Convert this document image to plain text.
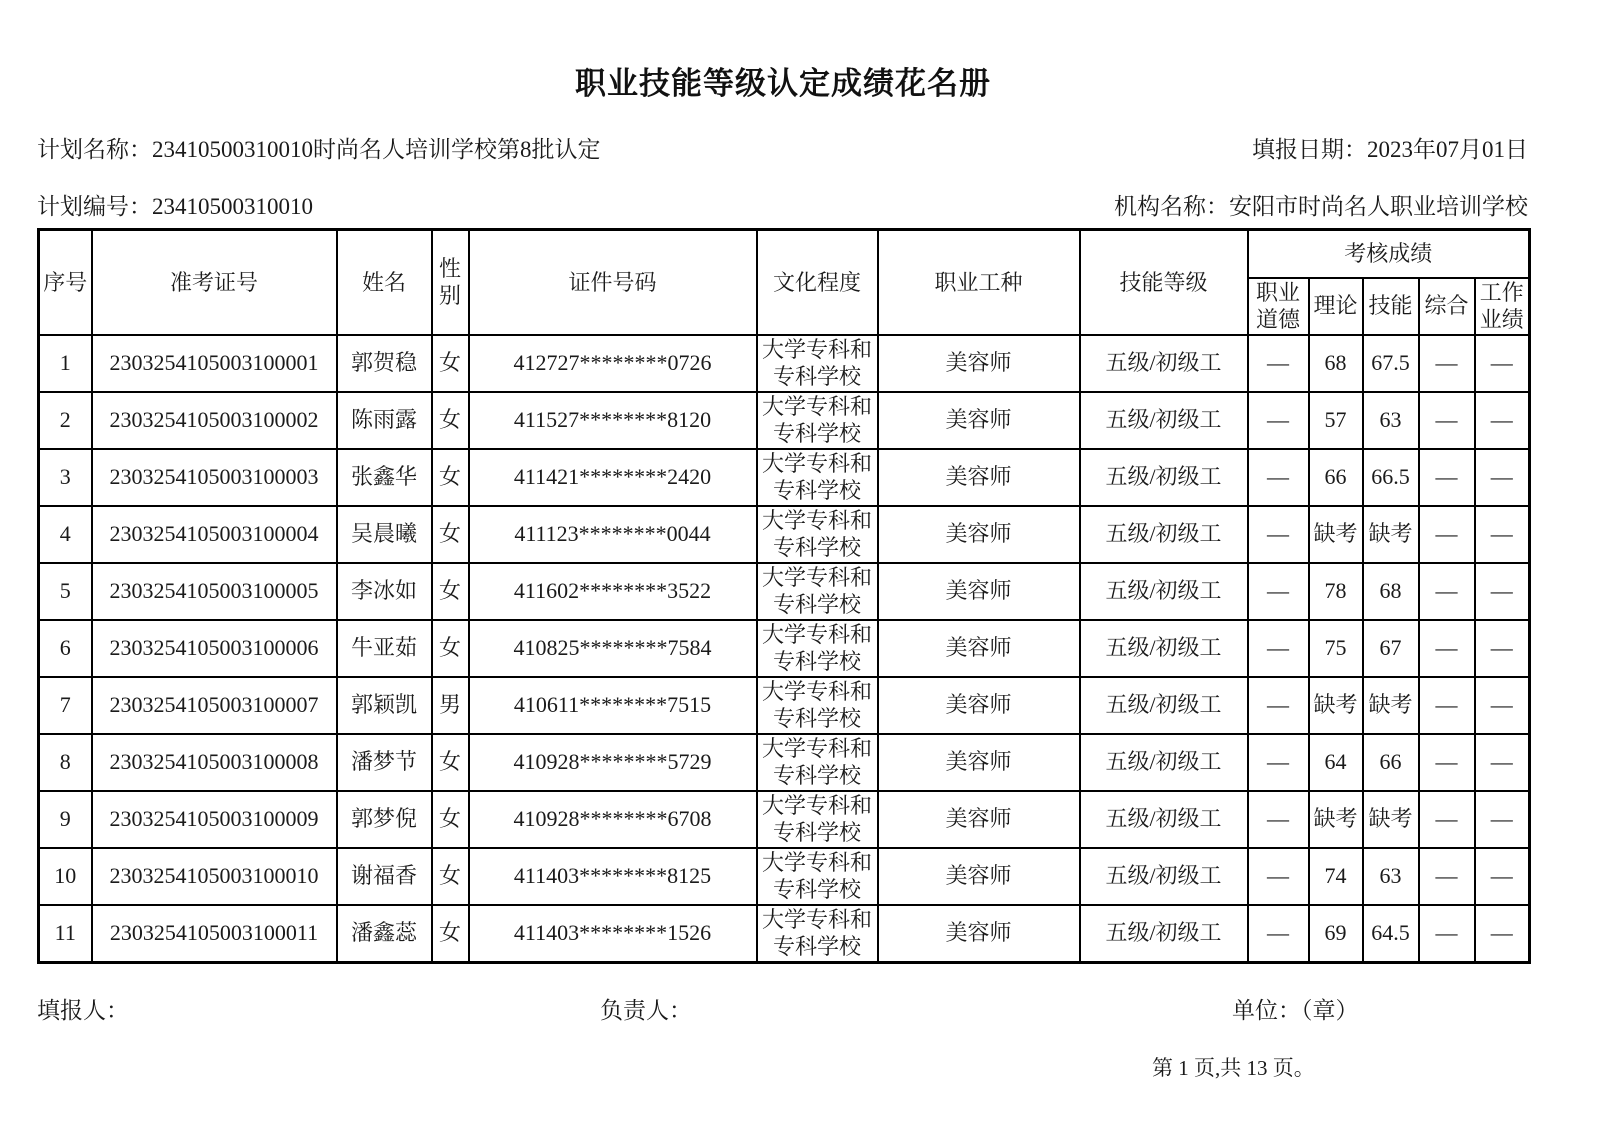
职业技能等级认定成绩花名册
计划名称：23410500310010时尚名人培训学校第8批认定	填报日期：2023年07月01日
计划编号：23410500310010	机构名称：安阳市时尚名人职业培训学校
序号	准考证号	姓名	性别	证件号码	文化程度	职业工种	技能等级	考核成绩				
								职业道德	理论	技能	综合	工作业绩
1	2303254105003100001	郭贺稳	女	412727********0726	大学专科和专科学校	美容师	五级/初级工	—	68	67.5	—	—
2	2303254105003100002	陈雨露	女	411527********8120	大学专科和专科学校	美容师	五级/初级工	—	57	63	—	—
3	2303254105003100003	张鑫华	女	411421********2420	大学专科和专科学校	美容师	五级/初级工	—	66	66.5	—	—
4	2303254105003100004	吴晨曦	女	411123********0044	大学专科和专科学校	美容师	五级/初级工	—	缺考	缺考	—	—
5	2303254105003100005	李冰如	女	411602********3522	大学专科和专科学校	美容师	五级/初级工	—	78	68	—	—
6	2303254105003100006	牛亚茹	女	410825********7584	大学专科和专科学校	美容师	五级/初级工	—	75	67	—	—
7	2303254105003100007	郭颖凯	男	410611********7515	大学专科和专科学校	美容师	五级/初级工	—	缺考	缺考	—	—
8	2303254105003100008	潘梦节	女	410928********5729	大学专科和专科学校	美容师	五级/初级工	—	64	66	—	—
9	2303254105003100009	郭梦倪	女	410928********6708	大学专科和专科学校	美容师	五级/初级工	—	缺考	缺考	—	—
10	2303254105003100010	谢福香	女	411403********8125	大学专科和专科学校	美容师	五级/初级工	—	74	63	—	—
11	2303254105003100011	潘鑫蕊	女	411403********1526	大学专科和专科学校	美容师	五级/初级工	—	69	64.5	—	—
填报人：	负责人：	单位：（章）
第 1 页,共 13 页。
